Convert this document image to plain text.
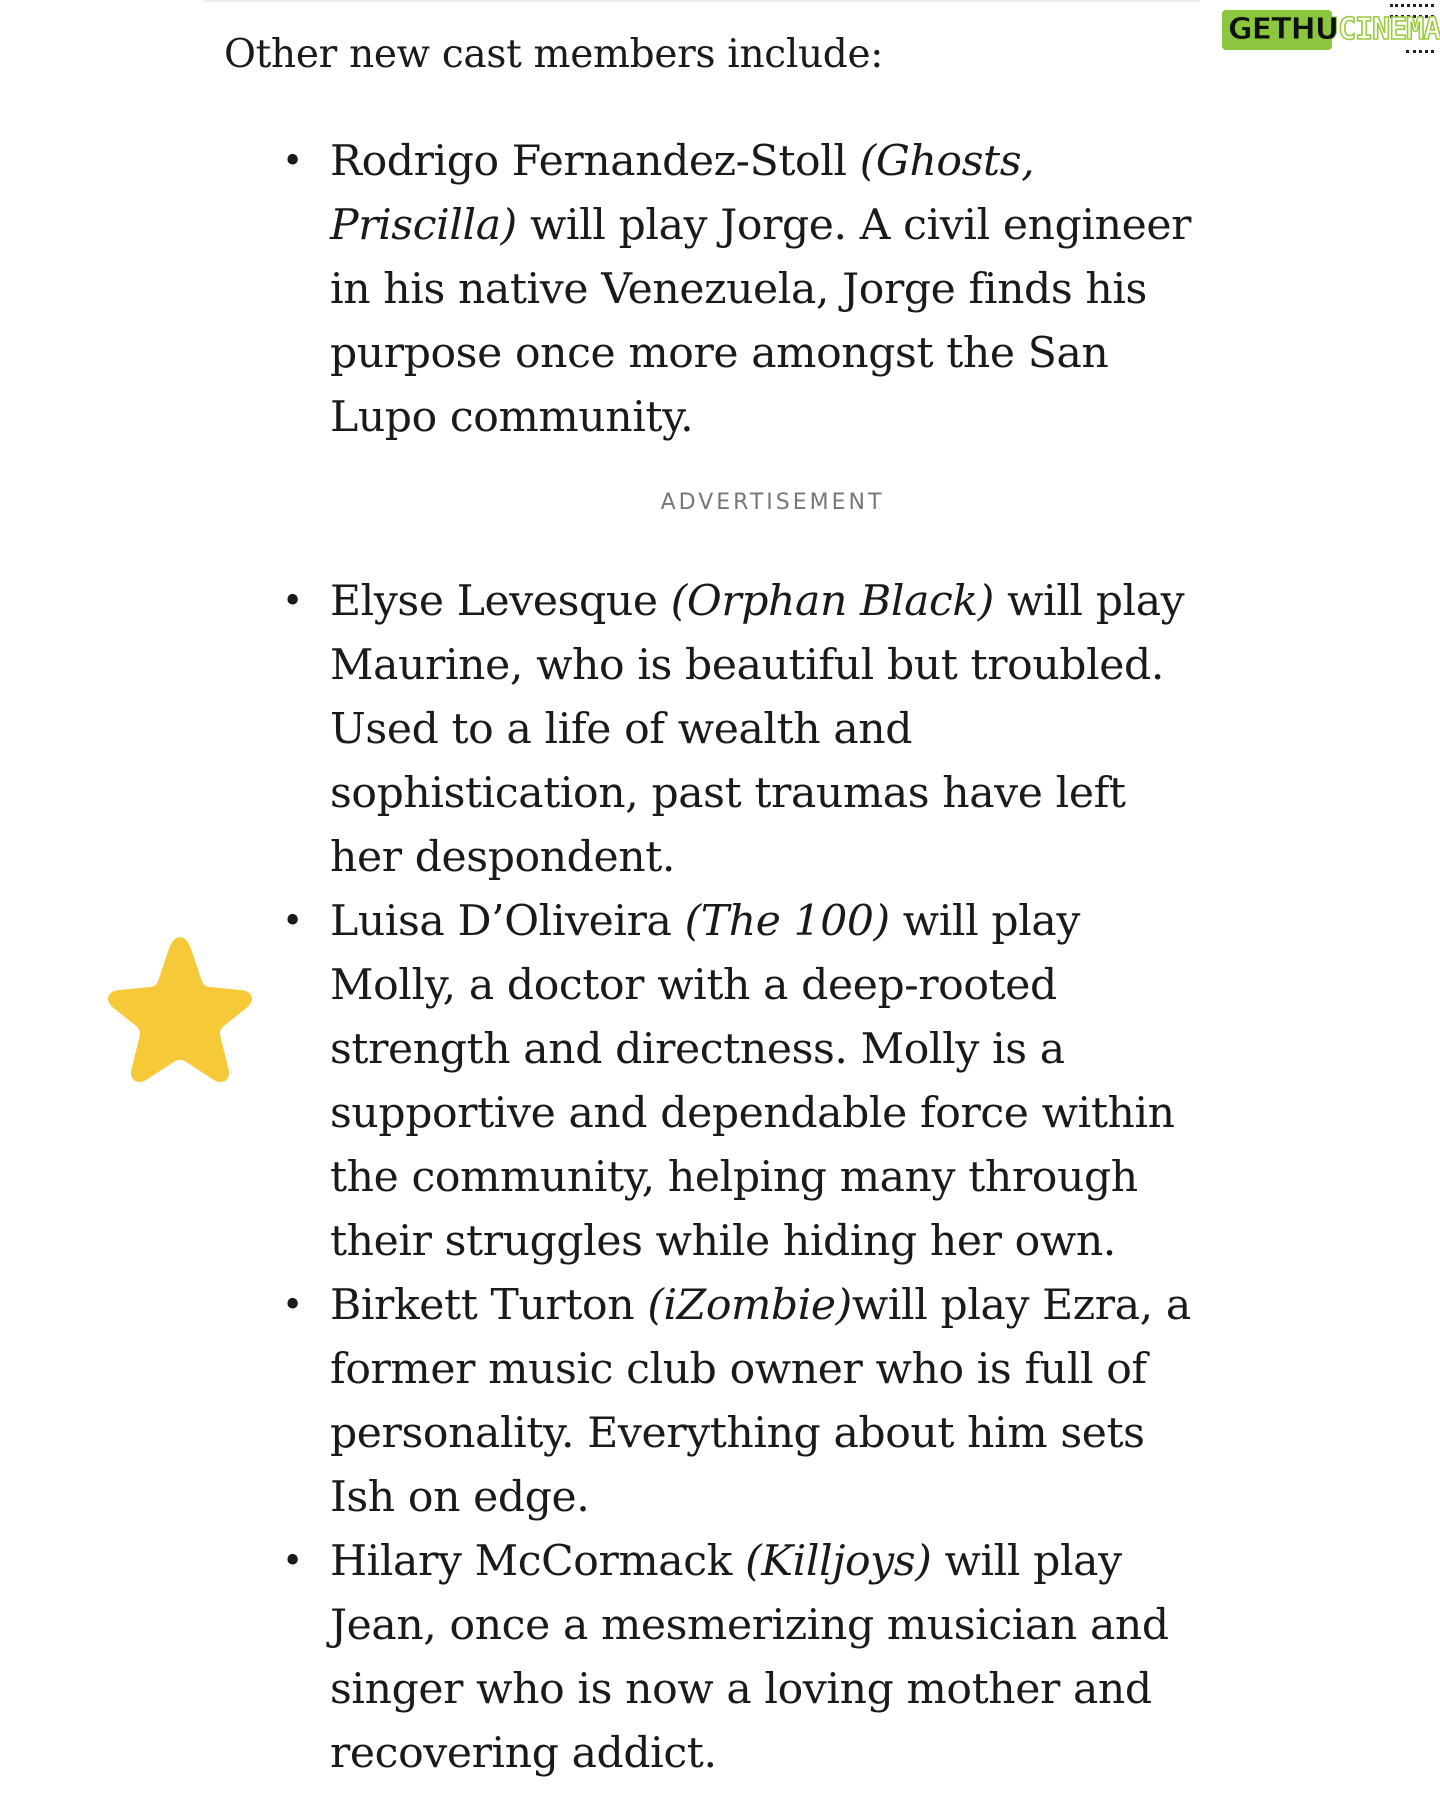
Other new cast members include:

• Rodrigo Fernandez-Stoll (Ghosts, Priscilla) will play Jorge. A civil engineer in his native Venezuela, Jorge finds his purpose once more amongst the San Lupo community.
ADVERTISEMENT
• Elyse Levesque (Orphan Black) will play Maurine, who is beautiful but troubled. Used to a life of wealth and sophistication, past traumas have left her despondent.
• Luisa D’Oliveira (The 100) will play Molly, a doctor with a deep-rooted strength and directness. Molly is a supportive and dependable force within the community, helping many through their struggles while hiding her own.
• Birkett Turton (iZombie)will play Ezra, a former music club owner who is full of personality. Everything about him sets Ish on edge.
• Hilary McCormack (Killjoys) will play Jean, once a mesmerizing musician and singer who is now a loving mother and recovering addict.
GETHUCINEMA
